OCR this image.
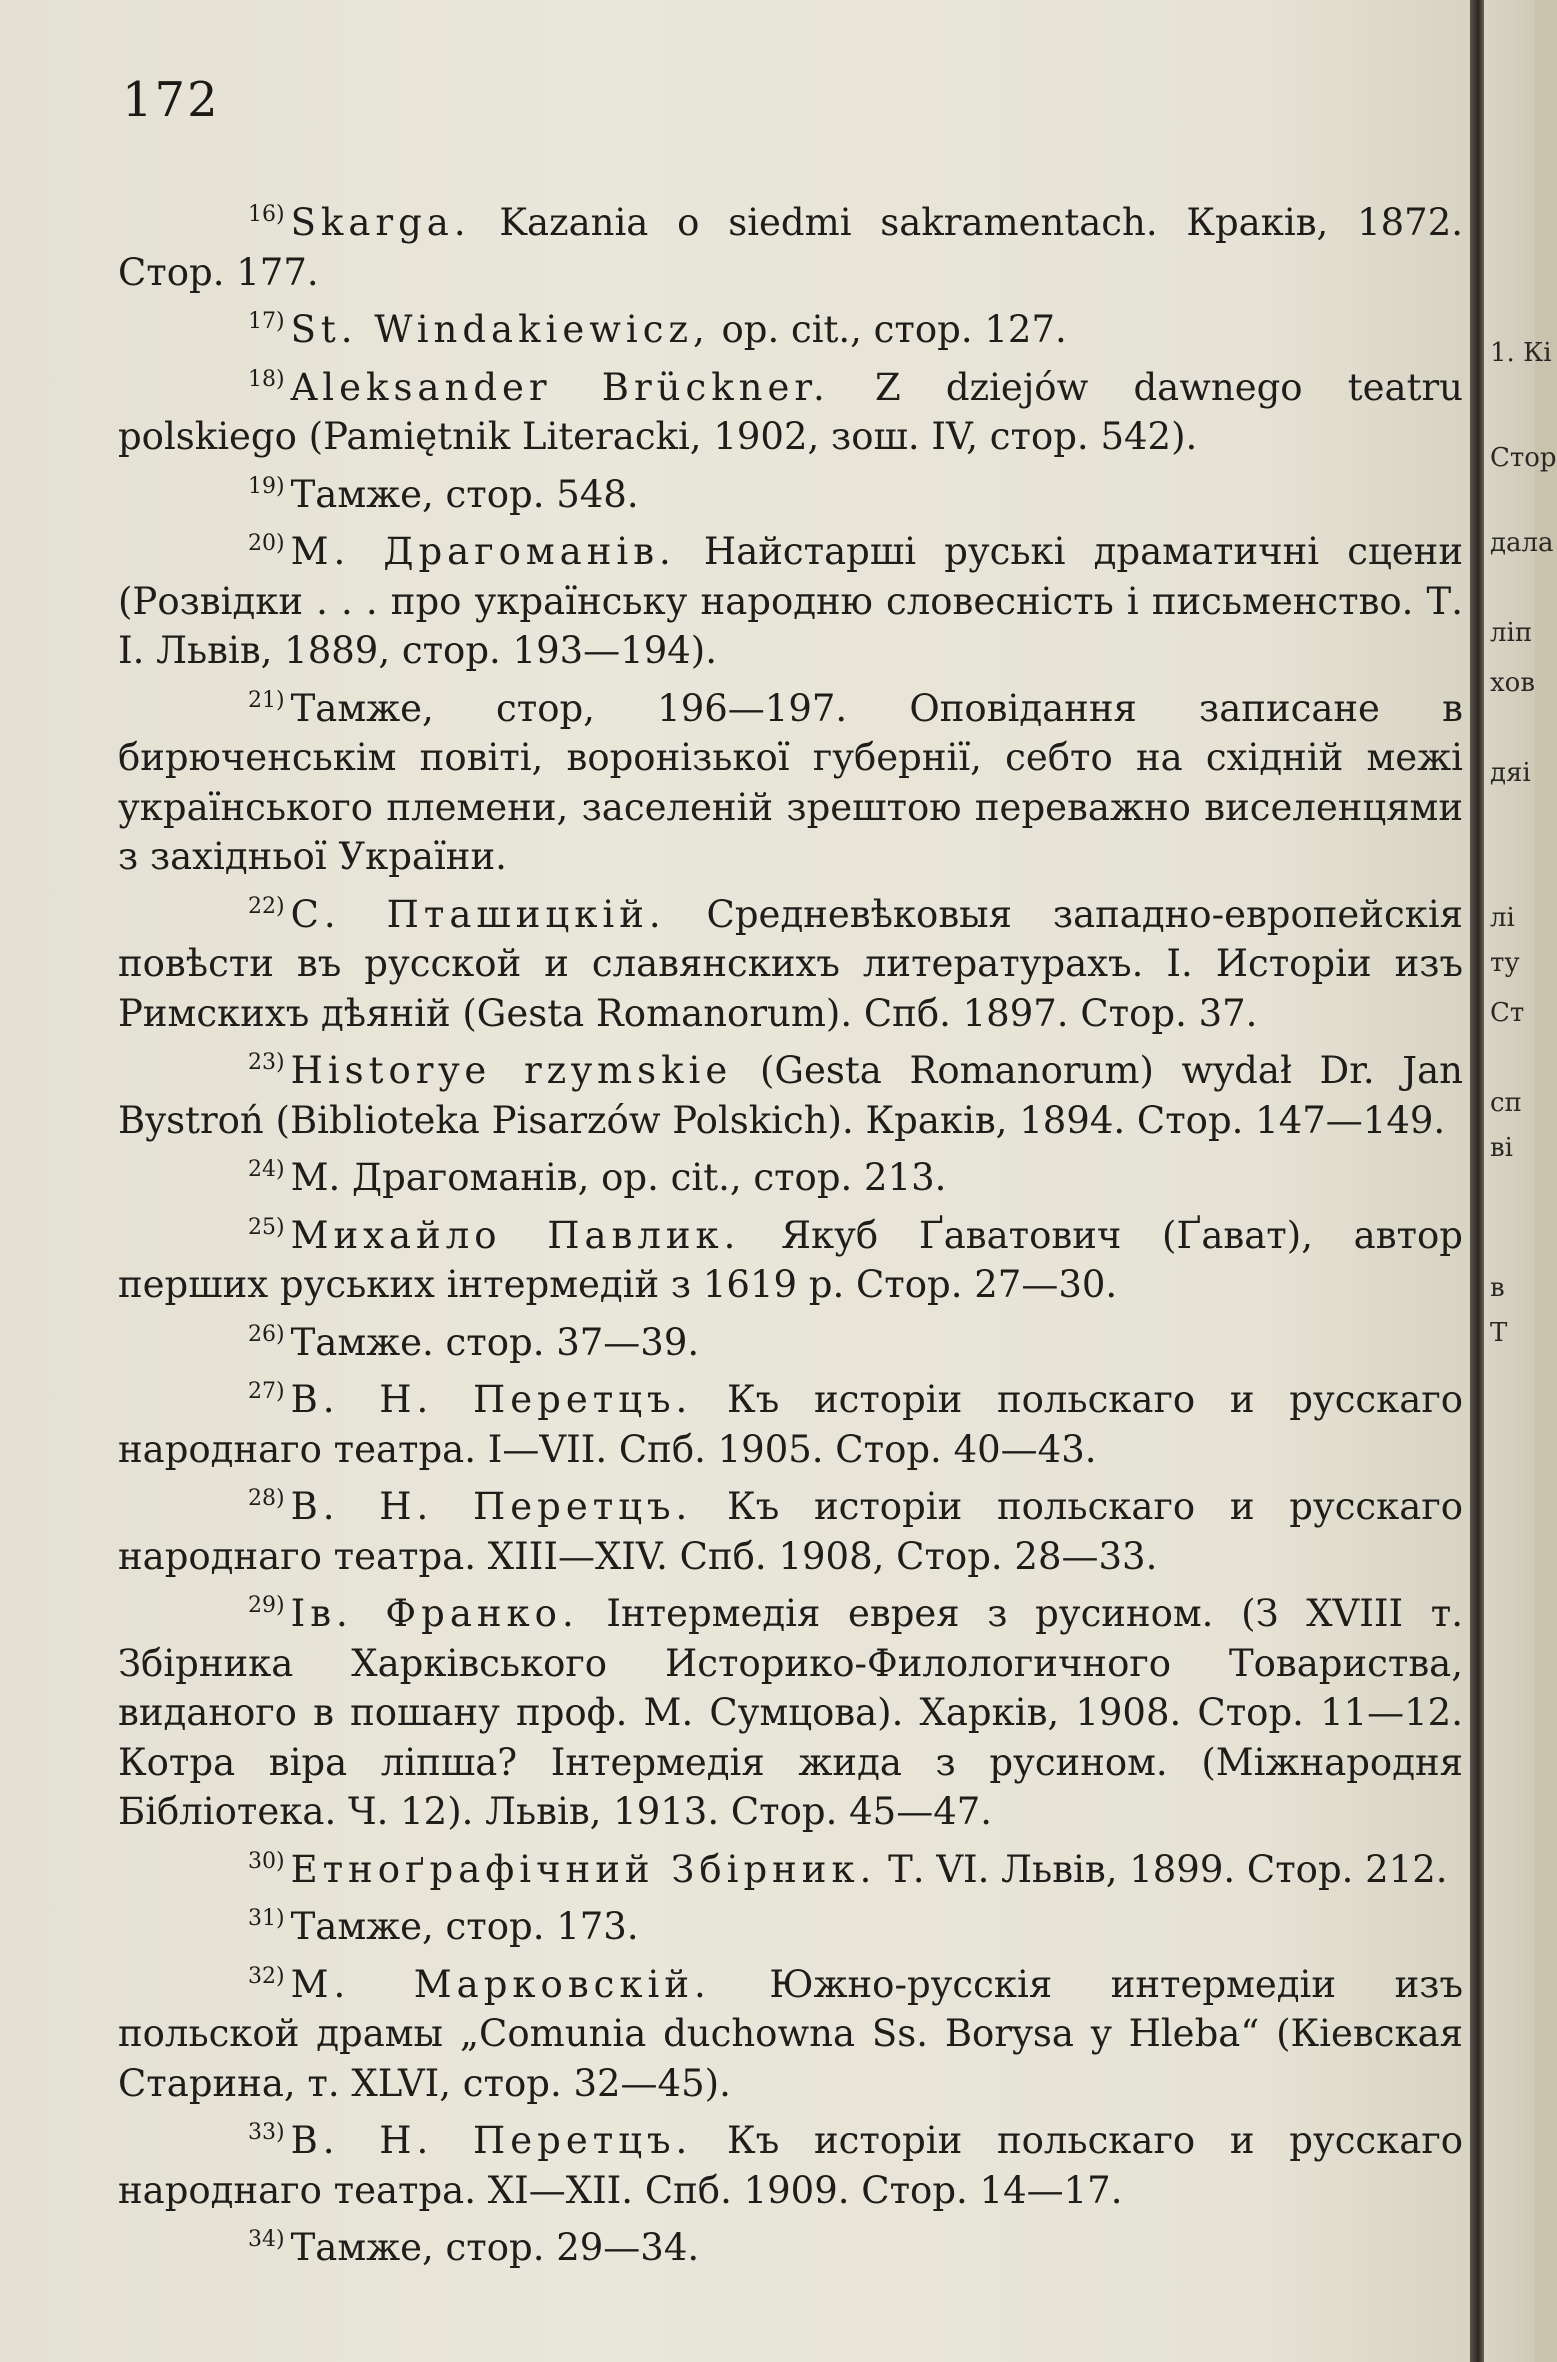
172

$^{16)}$ Skarga. Kazania o siedmi sakramentach. Краків, 1872. Стор. 177.

$^{17)}$ St. Windakiewicz, op. cit., стор. 127.

$^{18)}$ Aleksander Brückner. Z dziejów dawnego teatru polskiego (Pamiętnik Literacki, 1902, зош. IV, стор. 542).

$^{19)}$ Тамже, стор. 548.

$^{20)}$ М. Драгоманів. Найстарші руські драматичні сцени (Розвідки . . . про українську народню словесність і письменство. Т. І. Львів, 1889, стор. 193—194).

$^{21)}$ Тамже, стор, 196—197. Оповідання записане в бирюченськім повіті, воронізької губернії, себто на східній межі українського племени, заселеній зрештою переважно виселенцями з західньої України.

$^{22)}$ С. Пташицкій. Средневѣковыя западно-европейскія повѣсти въ русской и славянскихъ литературахъ. І. Исторіи изъ Римскихъ дѣяній (Gesta Romanorum). Спб. 1897. Стор. 37.

$^{23)}$ Historye rzymskie (Gesta Romanorum) wydał Dr. Jan Bystroń (Biblioteka Pisarzów Polskich). Краків, 1894. Стор. 147—149.

$^{24)}$ М. Драгоманів, op. cit., стор. 213.

$^{25)}$ Михайло Павлик. Якуб Ґаватович (Ґават), автор перших руських інтермедій з 1619 р. Стор. 27—30.

$^{26)}$ Тамже. стор. 37—39.

$^{27)}$ В. Н. Перетцъ. Къ исторіи польскаго и русскаго народнаго театра. I—VII. Спб. 1905. Стор. 40—43.

$^{28)}$ В. Н. Перетцъ. Къ исторіи польскаго и русскаго народнаго театра. XIII—XIV. Спб. 1908, Стор. 28—33.

$^{29)}$ Ів. Франко. Інтермедія еврея з русином. (З XVIII т. Збірника Харківського Историко-Филологичного Товариства, виданого в пошану проф. М. Сумцова). Харків, 1908. Стор. 11—12. Котра віра ліпша? Інтермедія жида з русином. (Міжнародня Бібліотека. Ч. 12). Львів, 1913. Стор. 45—47.

$^{30)}$ Етноґрафічний Збірник. Т. VI. Львів, 1899. Стор. 212.

$^{31)}$ Тамже, стор. 173.

$^{32)}$ М. Марковскій. Южно-русскія интермедіи изъ польской драмы „Comunia duchowna Ss. Borysa y Hleba“ (Кіевская Старина, т. XLVI, стор. 32—45).

$^{33)}$ В. Н. Перетцъ. Къ исторіи польскаго и русскаго народнаго театра. XI—XII. Спб. 1909. Стор. 14—17.

$^{34)}$ Тамже, стор. 29—34.

1. Кі
Стор
дала
ліп
хов
дяі
лі
ту
Ст
сп
ві
в
Т
